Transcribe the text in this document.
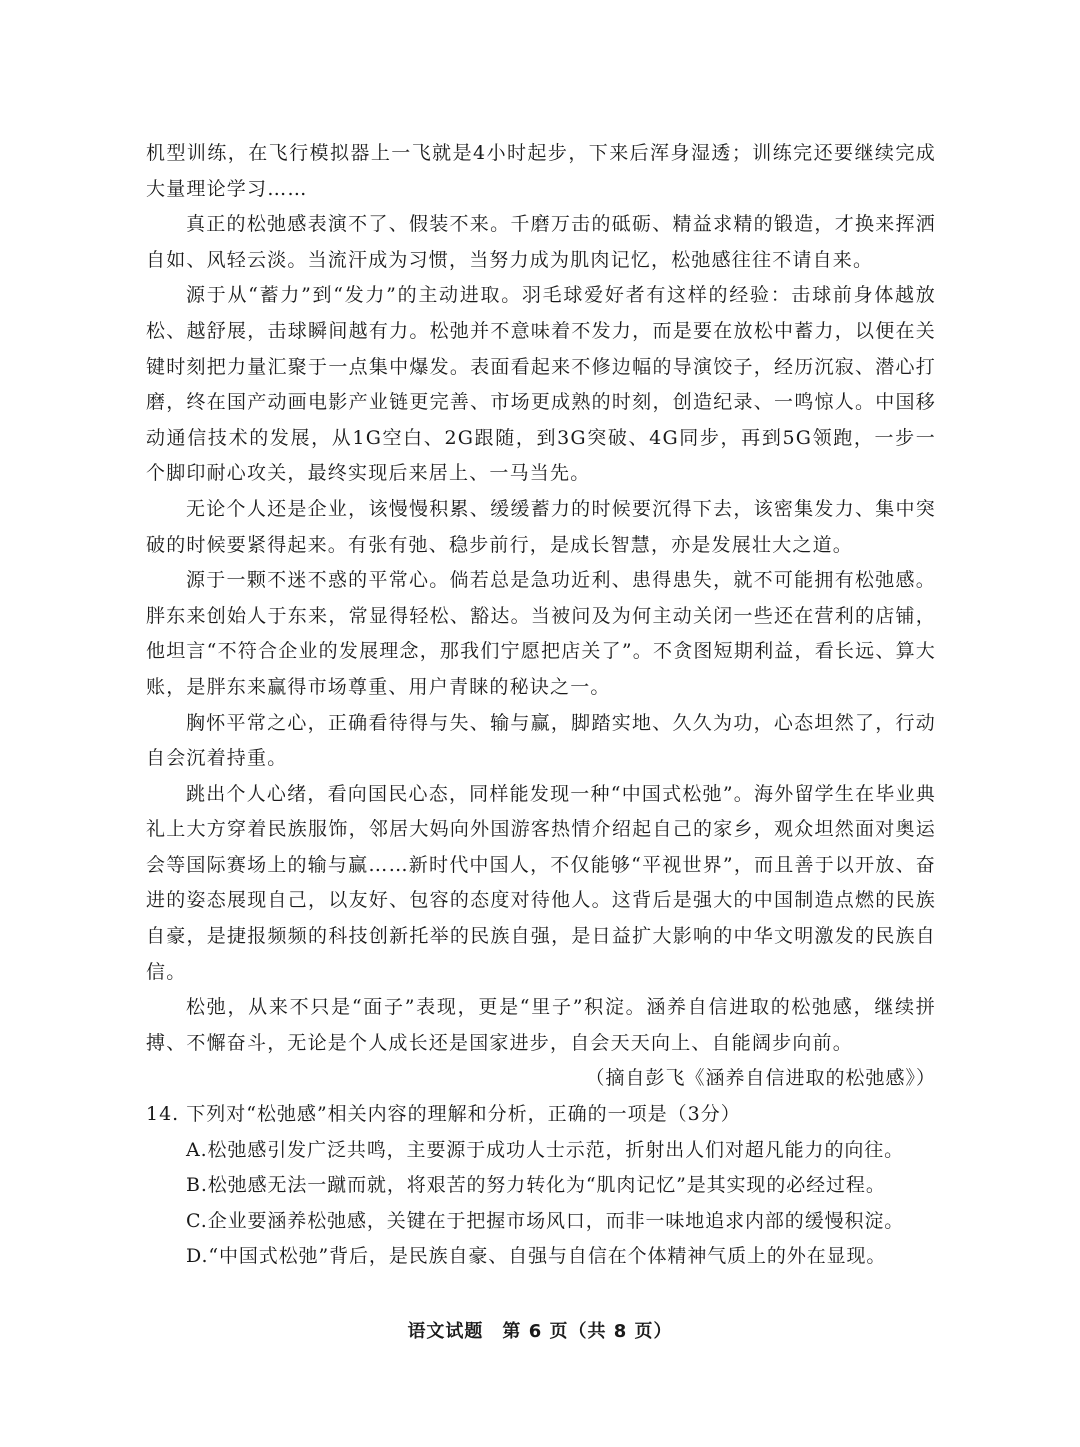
机型训练，在飞行模拟器上一飞就是4小时起步，下来后浑身湿透；训练完还要继续完成大量理论学习……

真正的松弛感表演不了、假装不来。千磨万击的砥砺、精益求精的锻造，才换来挥洒自如、风轻云淡。当流汗成为习惯，当努力成为肌肉记忆，松弛感往往不请自来。

源于从“蓄力”到“发力”的主动进取。羽毛球爱好者有这样的经验：击球前身体越放松、越舒展，击球瞬间越有力。松弛并不意味着不发力，而是要在放松中蓄力，以便在关键时刻把力量汇聚于一点集中爆发。表面看起来不修边幅的导演饺子，经历沉寂、潜心打磨，终在国产动画电影产业链更完善、市场更成熟的时刻，创造纪录、一鸣惊人。中国移动通信技术的发展，从1G空白、2G跟随，到3G突破、4G同步，再到5G领跑，一步一个脚印耐心攻关，最终实现后来居上、一马当先。

无论个人还是企业，该慢慢积累、缓缓蓄力的时候要沉得下去，该密集发力、集中突破的时候要紧得起来。有张有弛、稳步前行，是成长智慧，亦是发展壮大之道。

源于一颗不迷不惑的平常心。倘若总是急功近利、患得患失，就不可能拥有松弛感。胖东来创始人于东来，常显得轻松、豁达。当被问及为何主动关闭一些还在营利的店铺，他坦言“不符合企业的发展理念，那我们宁愿把店关了”。不贪图短期利益，看长远、算大账，是胖东来赢得市场尊重、用户青睐的秘诀之一。

胸怀平常之心，正确看待得与失、输与赢，脚踏实地、久久为功，心态坦然了，行动自会沉着持重。

跳出个人心绪，看向国民心态，同样能发现一种“中国式松弛”。海外留学生在毕业典礼上大方穿着民族服饰，邻居大妈向外国游客热情介绍起自己的家乡，观众坦然面对奥运会等国际赛场上的输与赢……新时代中国人，不仅能够“平视世界”，而且善于以开放、奋进的姿态展现自己，以友好、包容的态度对待他人。这背后是强大的中国制造点燃的民族自豪，是捷报频频的科技创新托举的民族自强，是日益扩大影响的中华文明激发的民族自信。

松弛，从来不只是“面子”表现，更是“里子”积淀。涵养自信进取的松弛感，继续拼搏、不懈奋斗，无论是个人成长还是国家进步，自会天天向上、自能阔步向前。

（摘自彭飞《涵养自信进取的松弛感》）

14. 下列对“松弛感”相关内容的理解和分析，正确的一项是（3分）

A.松弛感引发广泛共鸣，主要源于成功人士示范，折射出人们对超凡能力的向往。

B.松弛感无法一蹴而就，将艰苦的努力转化为“肌肉记忆”是其实现的必经过程。

C.企业要涵养松弛感，关键在于把握市场风口，而非一味地追求内部的缓慢积淀。

D.“中国式松弛”背后，是民族自豪、自强与自信在个体精神气质上的外在显现。

语文试题　第 6 页（共 8 页）
